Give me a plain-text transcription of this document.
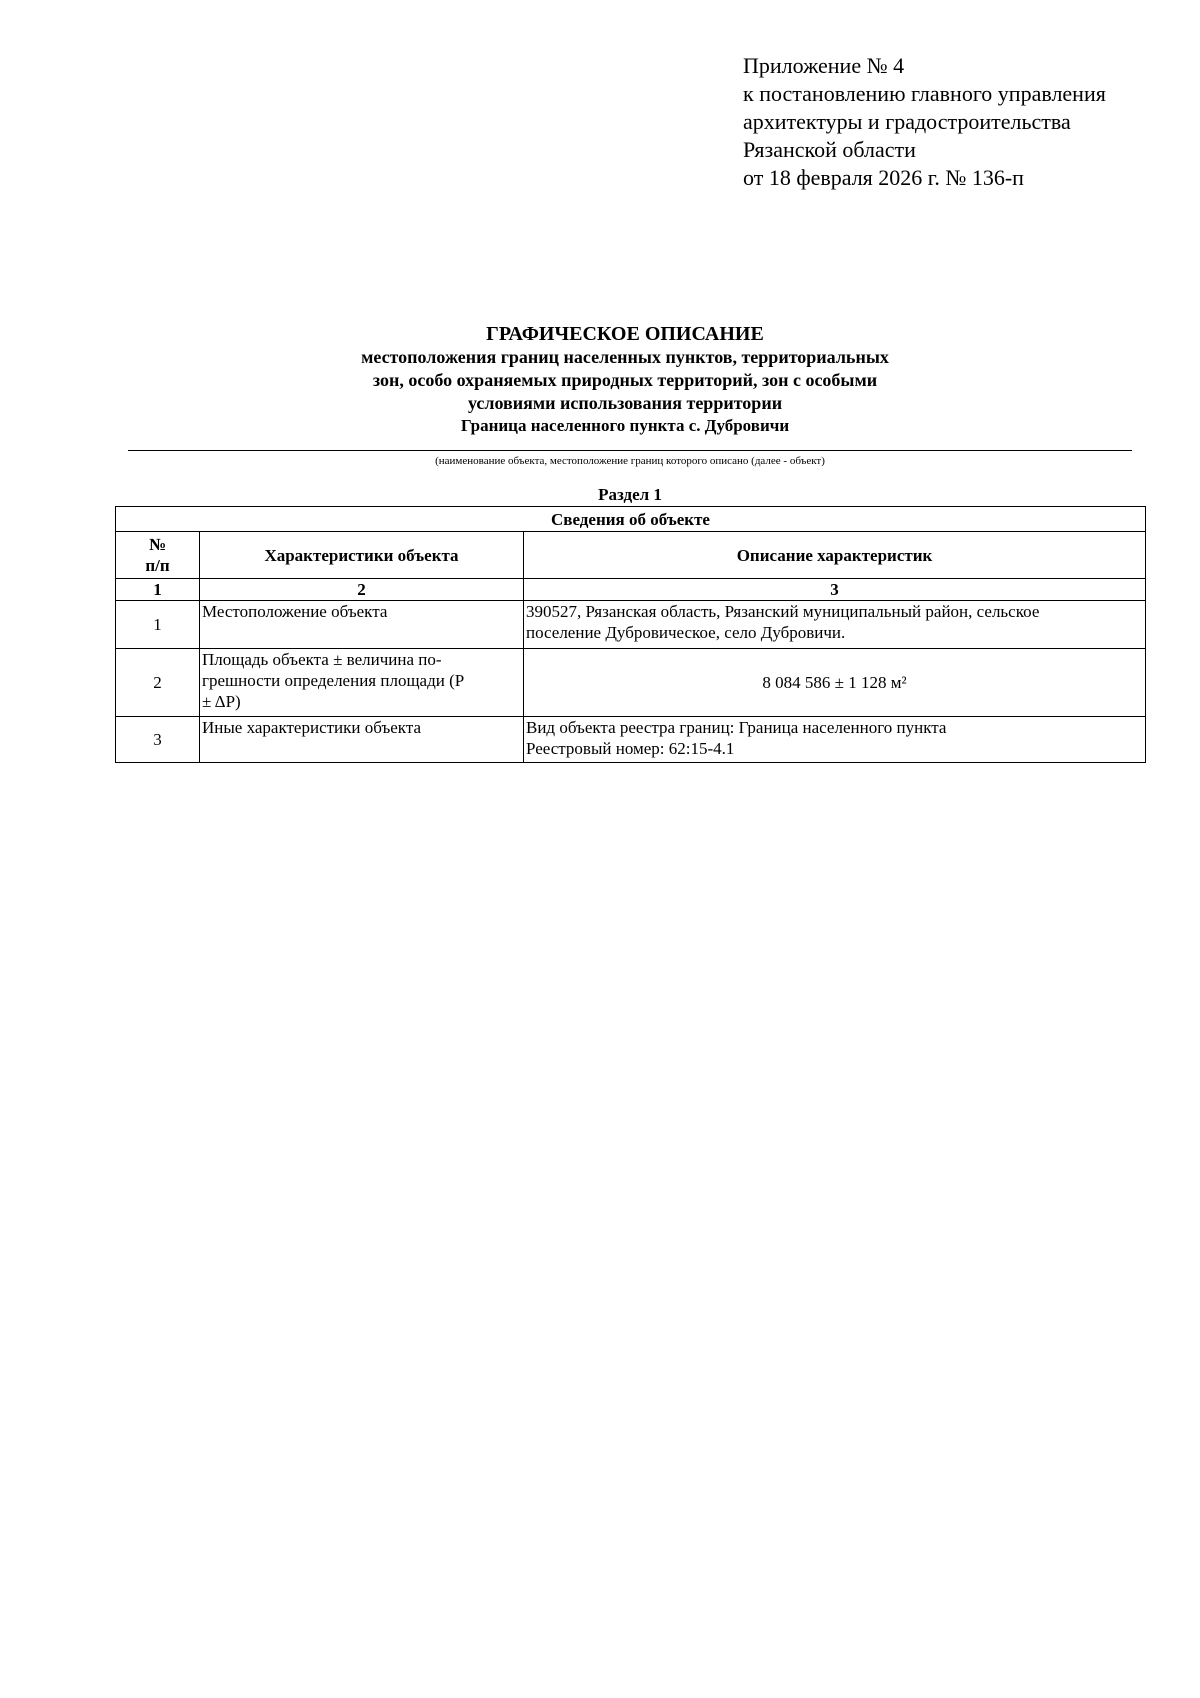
Приложение № 4
к постановлению главного управления
архитектуры и градостроительства
Рязанской области
от 18 февраля 2026 г. № 136-п
ГРАФИЧЕСКОЕ ОПИСАНИЕ
местоположения границ населенных пунктов, территориальных
зон, особо охраняемых природных территорий, зон с особыми
условиями использования территории
Граница населенного пункта с. Дубровичи
(наименование объекта, местоположение границ которого описано (далее - объект)
Раздел 1
Сведения об объекте		

№
п/п	Характеристики объекта	Описание характеристик
1	2	3
1	Местоположение объекта	390527, Рязанская область, Рязанский муниципальный район, сельское
поселение Дубровическое, село Дубровичи.

2	Площадь объекта ± величина по-
грешности определения площади (Р
± ΔР)	8 084 586 ± 1 128 м²

3	Иные характеристики объекта	Вид объекта реестра границ: Граница населенного пункта
Реестровый номер: 62:15-4.1
